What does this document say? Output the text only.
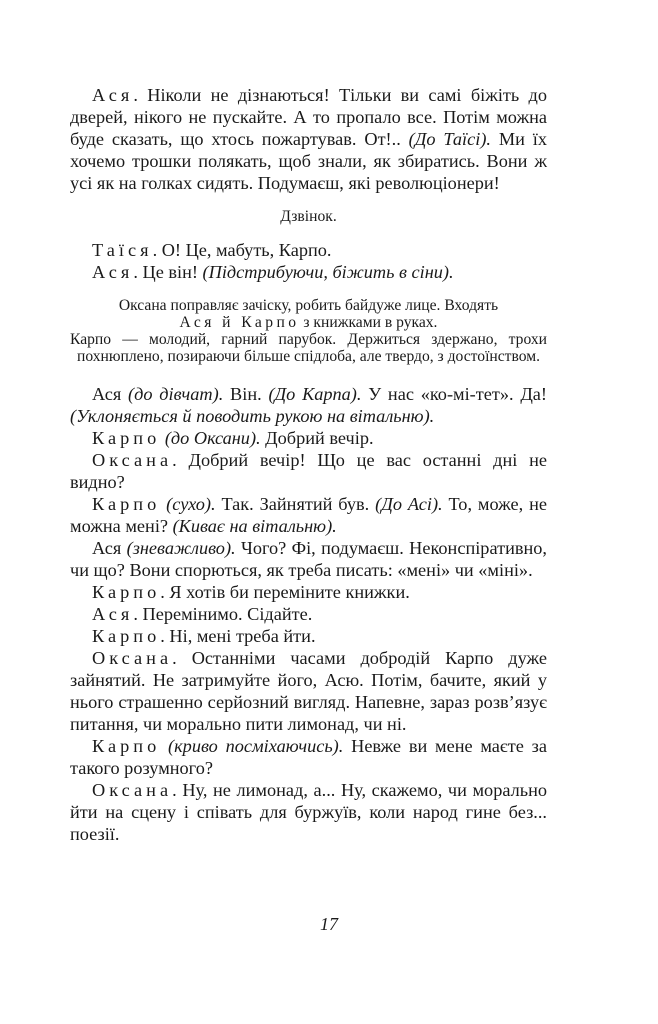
Ася. Ніколи не дізнаються! Тільки ви самі біжіть до дверей, нікого не пускайте. А то пропало все. Потім можна буде сказать, що хтось пожартував. От!.. (До Таїсі). Ми їх хочемо трошки полякать, щоб знали, як збиратись. Вони ж усі як на голках сидять. Подумаєш, які революціонери!

Дзвінок.

Таїся. О! Це, мабуть, Карпо.

Ася. Це він! (Підстрибуючи, біжить в сіни).

Оксана поправляє зачіску, робить байдуже лице. Входять

Ася й Карпо з книжками в руках.

Карпо — молодий, гарний парубок. Держиться здержано, трохи похнюплено, позираючи більше спідлоба, але твердо, з достоїнством.

Ася (до дівчат). Він. (До Карпа). У нас «ко-мі-тет». Да! (Уклоняється й поводить рукою на вітальню).

Карпо (до Оксани). Добрий вечір.

Оксана. Добрий вечір! Що це вас останні дні не видно?

Карпо (сухо). Так. Зайнятий був. (До Асі). То, може, не можна мені? (Киває на вітальню).

Ася (зневажливо). Чого? Фі, подумаєш. Неконспіративно, чи що? Вони спорються, як треба писать: «мені» чи «міні».

Карпо. Я хотів би переміните книжки.

Ася. Перемінимо. Сідайте.

Карпо. Ні, мені треба йти.

Оксана. Останніми часами добродій Карпо дуже зайнятий. Не затримуйте його, Асю. Потім, бачите, який у нього страшенно серйозний вигляд. Напевне, зараз розв’язує питання, чи морально пити лимонад, чи ні.

Карпо (криво посміхаючись). Невже ви мене маєте за такого розумного?

Оксана. Ну, не лимонад, а... Ну, скажемо, чи морально йти на сцену і співать для буржуїв, коли народ гине без... поезії.

17
